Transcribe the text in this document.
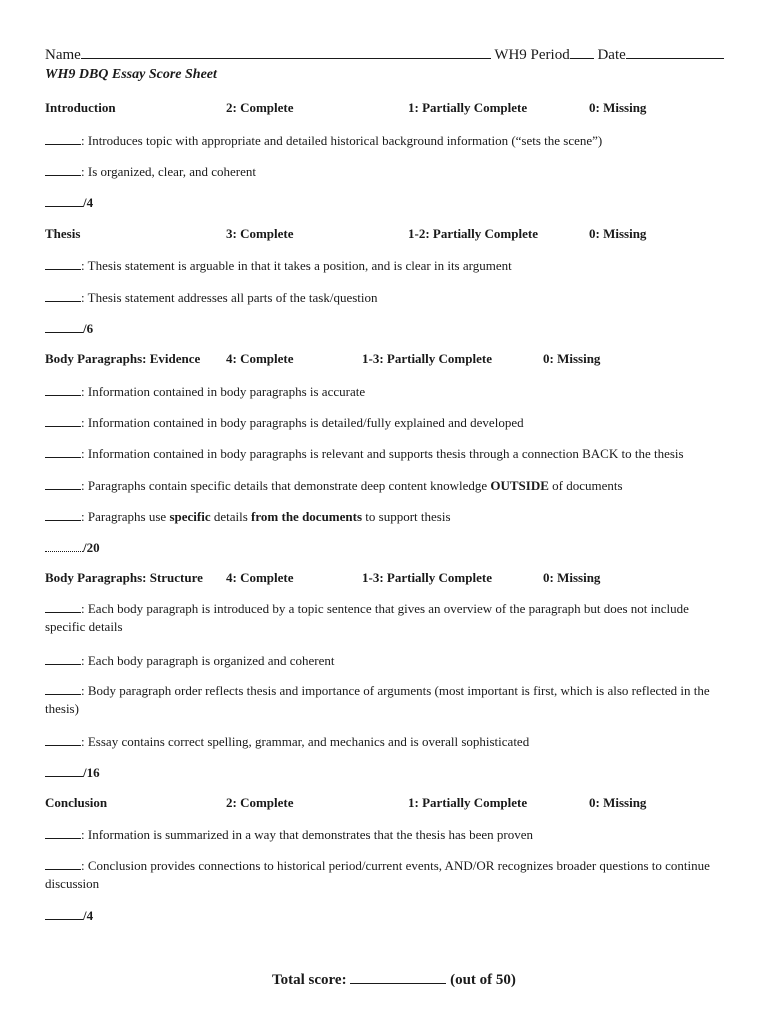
Name	WH9 Period Date
WH9 DBQ Essay Score Sheet
Introduction	2: Complete	1: Partially Complete	0: Missing
: Introduces topic with appropriate and detailed historical background information (“sets the scene”)
: Is organized, clear, and coherent
/4
Thesis	3: Complete	1-2: Partially Complete	0: Missing
: Thesis statement is arguable in that it takes a position, and is clear in its argument
: Thesis statement addresses all parts of the task/question
/6
Body Paragraphs: Evidence 4: Complete	1-3: Partially Complete	0: Missing
: Information contained in body paragraphs is accurate
: Information contained in body paragraphs is detailed/fully explained and developed
: Information contained in body paragraphs is relevant and supports thesis through a connection BACK to the thesis
: Paragraphs contain specific details that demonstrate deep content knowledge OUTSIDE of documents
: Paragraphs use specific details from the documents to support thesis
/20
Body Paragraphs: Structure 4: Complete	1-3: Partially Complete	0: Missing
: Each body paragraph is introduced by a topic sentence that gives an overview of the paragraph but does not include specific details
: Each body paragraph is organized and coherent
: Body paragraph order reflects thesis and importance of arguments (most important is first, which is also reflected in the thesis)
: Essay contains correct spelling, grammar, and mechanics and is overall sophisticated
/16
Conclusion	2: Complete	1: Partially Complete	0: Missing
: Information is summarized in a way that demonstrates that the thesis has been proven
: Conclusion provides connections to historical period/current events, AND/OR recognizes broader questions to continue discussion
/4
Total score:	(out of 50)
